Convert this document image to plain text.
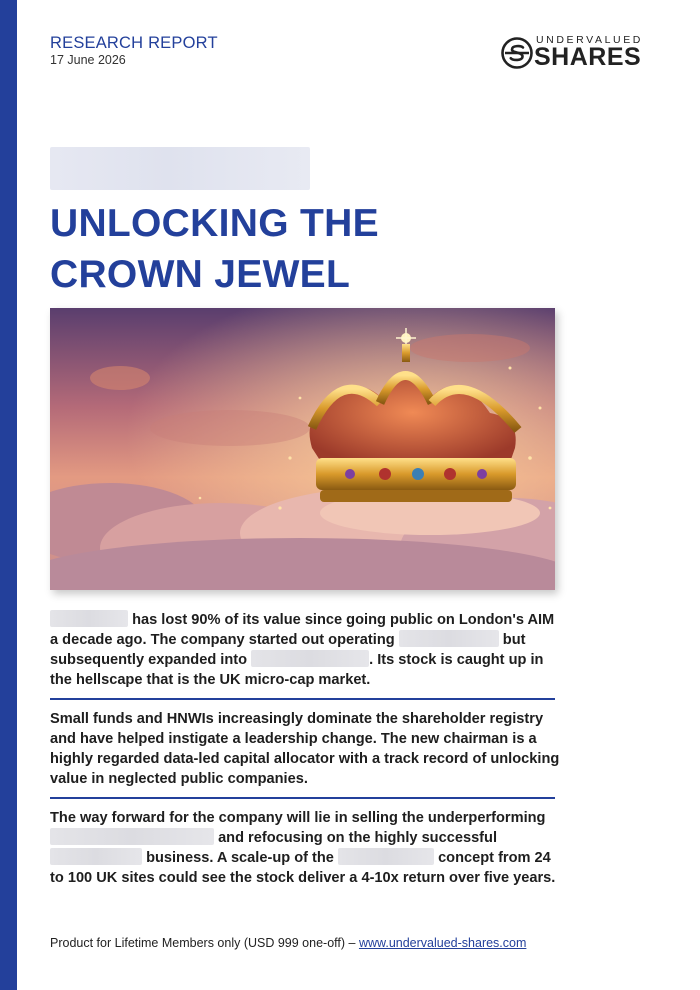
RESEARCH REPORT
17 June 2026
UNDERVALUED
SHARES
UNLOCKING THE
CROWN JEWEL

has lost 90% of its value since going public on London's AIM a decade ago. The company started out operating	but subsequently expanded into	. Its stock is caught up in the hellscape that is the UK micro-cap market.

Small funds and HNWIs increasingly dominate the shareholder registry and have helped instigate a leadership change. The new chairman is a highly regarded data-led capital allocator with a track record of unlocking value in neglected public companies.

The way forward for the company will lie in selling the underperforming  and refocusing on the highly successful  business. A scale-up of the	concept from 24 to 100 UK sites could see the stock deliver a 4-10x return over five years.

Product for Lifetime Members only (USD 999 one-off) – www.undervalued-shares.com
